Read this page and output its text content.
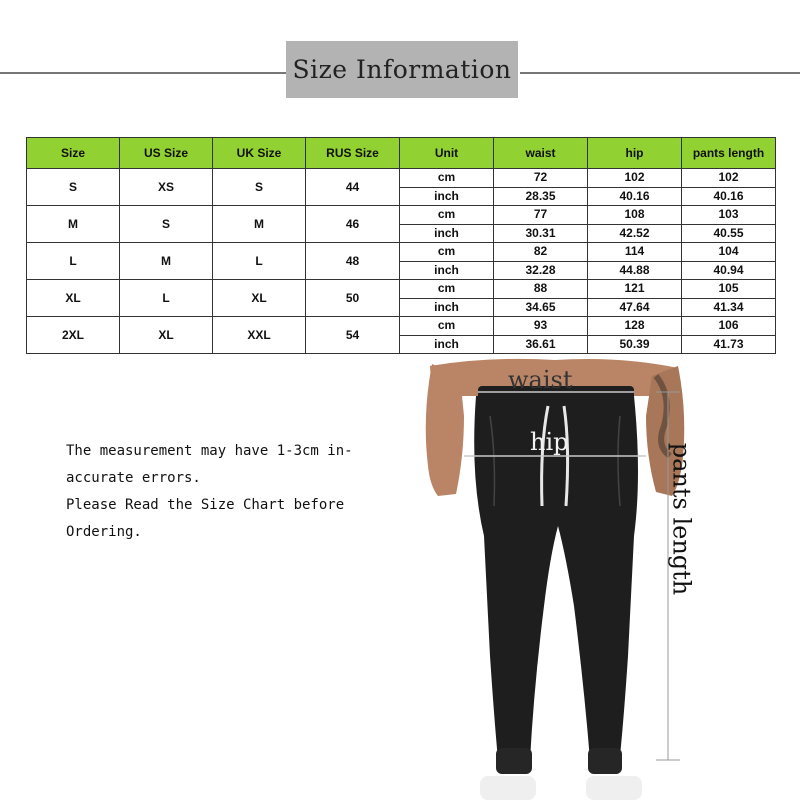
Size Information
Size	US Size	UK Size	RUS Size	Unit	waist	hip	pants length
S	XS	S	44	cm	72	102	102
				inch	28.35	40.16	40.16
M	S	M	46	cm	77	108	103
				inch	30.31	42.52	40.55
L	M	L	48	cm	82	114	104
				inch	32.28	44.88	40.94
XL	L	XL	50	cm	88	121	105
				inch	34.65	47.64	41.34
2XL	XL	XXL	54	cm	93	128	106
				inch	36.61	50.39	41.73
The measurement may have 1-3cm in-
accurate errors.
Please Read the Size Chart before
Ordering.
waist
hip
pants length
